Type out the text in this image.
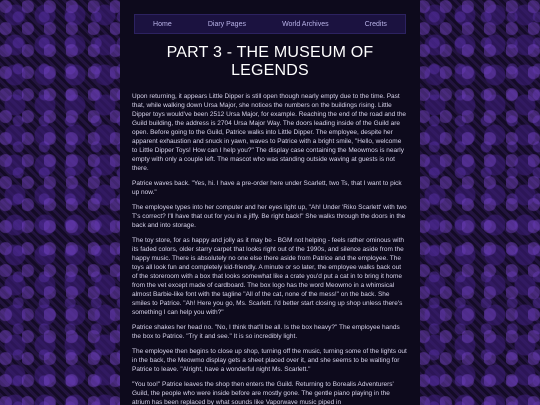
Home	Diary Pages	World Archives	Credits
PART 3 - THE MUSEUM OF LEGENDS

Upon returning, it appears Little Dipper is still open though nearly empty due to the time. Past that, while walking down Ursa Major, she notices the numbers on the buildings rising. Little Dipper toys would've been 2512 Ursa Major, for example. Reaching the end of the road and the Guild building, the address is 2704 Ursa Major Way. The doors leading inside of the Guild are open. Before going to the Guild, Patrice walks into Little Dipper. The employee, despite her apparent exhaustion and snuck in yawn, waves to Patrice with a bright smile, "Hello, welcome to Little Dipper Toys! How can I help you?" The display case containing the Meowmos is nearly empty with only a couple left. The mascot who was standing outside waving at guests is not there.

Patrice waves back. "Yes, hi. I have a pre-order here under Scarlett, two Ts, that I want to pick up now."

The employee types into her computer and her eyes light up, "Ah! Under 'Riko Scarlett' with two T's correct? I'll have that out for you in a jiffy. Be right back!" She walks through the doors in the back and into storage.

The toy store, for as happy and jolly as it may be - BGM not helping - feels rather ominous with its faded colors, older starry carpet that looks right out of the 1990s, and silence aside from the happy music. There is absolutely no one else there aside from Patrice and the employee. The toys all look fun and completely kid-friendly. A minute or so later, the employee walks back out of the storeroom with a box that looks somewhat like a crate you'd put a cat in to bring it home from the vet except made of cardboard. The box logo has the word Meowmo in a whimsical almost Barbie-like font with the tagline "All of the cat, none of the mess!" on the back. She smiles to Patrice. "Ah! Here you go, Ms. Scarlett. I'd better start closing up shop unless there's something I can help you with?"

Patrice shakes her head no. "No, I think that'll be all. Is the box heavy?" The employee hands the box to Patrice. "Try it and see." It is so incredibly light.

The employee then begins to close up shop, turning off the music, turning some of the lights out in the back, the Meowmo display gets a sheet placed over it, and she seems to be waiting for Patrice to leave. "Alright, have a wonderful night Ms. Scarlett."

"You too!" Patrice leaves the shop then enters the Guild. Returning to Borealis Adventurers' Guild, the people who were inside before are mostly gone. The gentle piano playing in the atrium has been replaced by what sounds like Vaporwave music piped in
